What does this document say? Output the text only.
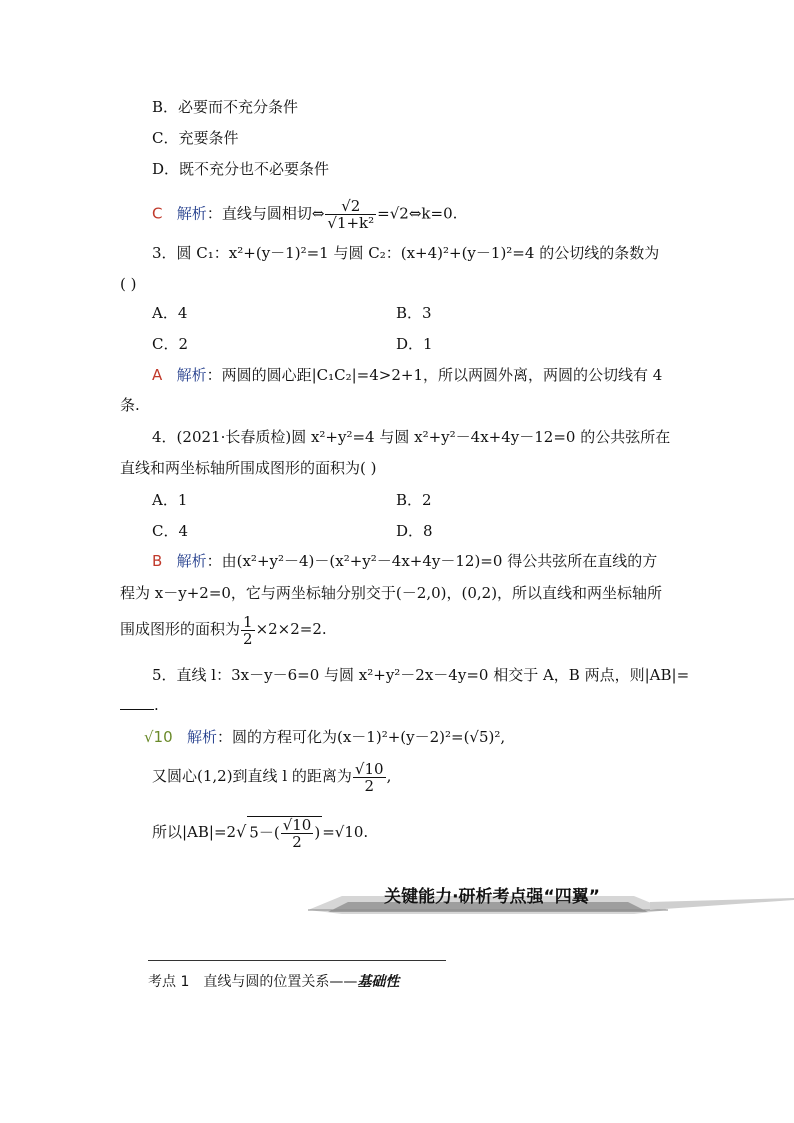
B．必要而不充分条件
C．充要条件
D．既不充分也不必要条件
C 解析：直线与圆相切⇔ $\frac{√2}{\text{√1+k²}}$ =√2⇔k=0.
3．圆 C₁：x²+(y－1)²=1 与圆 C₂：(x+4)²+(y－1)²=4 的公切线的条数为
( )
A．4	B．3
C．2	D．1
A 解析：两圆的圆心距|C₁C₂|=4>2+1，所以两圆外离，两圆的公切线有 4
条.
4．(2021·长春质检)圆 x²+y²=4 与圆 x²+y²－4x+4y－12=0 的公共弦所在
直线和两坐标轴所围成图形的面积为( )
A．1	B．2
C．4	D．8
B 解析：由(x²+y²－4)－(x²+y²－4x+4y－12)=0 得公共弦所在直线的方
程为 x－y+2=0，它与两坐标轴分别交于(－2,0)，(0,2)，所以直线和两坐标轴所
围成图形的面积为 $\frac{1}{2} \times 2\times 2=2$.
5．直线 l：3x－y－6=0 与圆 x²+y²－2x－4y=0 相交于 A，B 两点，则|AB|=
.
√10 解析：圆的方程可化为(x－1)²+(y－2)²=(√5)²,
又圆心(1,2)到直线 l 的距离为 $\frac{√10}{2}$ ,
所以|AB|=2√ $5-( \frac{√10}{2}$ ) =√10.
关键能力·研析考点强“四翼”
考点 1　直线与圆的位置关系——基础性
